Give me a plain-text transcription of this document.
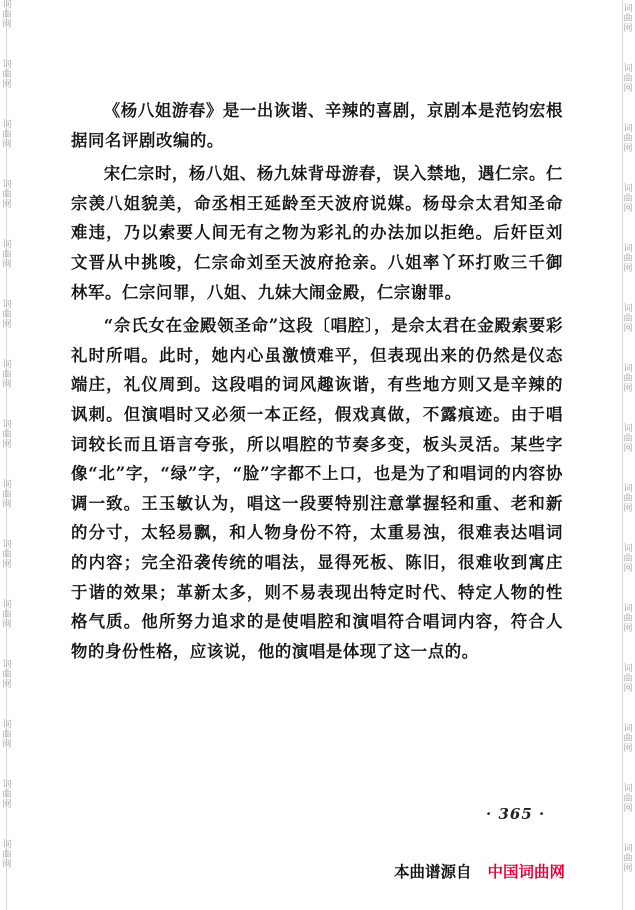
词
曲
网
词
曲
网
词
曲
网
词
曲
网
词
曲
网
词
曲
网
词
曲
网
词
曲
网
词
曲
网
词
曲
网
词
曲
网
词
曲
网
词
曲
网
词
曲
网
词
曲
网
词
曲
网
词
曲
网
词
曲
网
词
曲
网
词
曲
网
词
曲
网
词
曲
网
词
曲
网
词
曲
网
词
曲
网
词
曲
网
词
曲
网
词
曲
网
词
曲
网
词
曲
网

《杨八姐游春》是一出诙谐、辛辣的喜剧，京剧本是范钧宏根据同名评剧改编的。

宋仁宗时，杨八姐、杨九妹背母游春，误入禁地，遇仁宗。仁宗羡八姐貌美，命丞相王延龄至天波府说媒。杨母佘太君知圣命难违，乃以索要人间无有之物为彩礼的办法加以拒绝。后奸臣刘文晋从中挑唆，仁宗命刘至天波府抢亲。八姐率丫环打败三千御林军。仁宗问罪，八姐、九妹大闹金殿，仁宗谢罪。

“佘氏女在金殿领圣命”这段〔唱腔〕，是佘太君在金殿索要彩礼时所唱。此时，她内心虽激愤难平，但表现出来的仍然是仪态端庄，礼仪周到。这段唱的词风趣诙谐，有些地方则又是辛辣的讽刺。但演唱时又必须一本正经，假戏真做，不露痕迹。由于唱词较长而且语言夸张，所以唱腔的节奏多变，板头灵活。某些字像“北”字，“绿”字，“脸”字都不上口，也是为了和唱词的内容协调一致。王玉敏认为，唱这一段要特别注意掌握轻和重、老和新的分寸，太轻易飘，和人物身份不符，太重易浊，很难表达唱词的内容；完全沿袭传统的唱法，显得死板、陈旧，很难收到寓庄于谐的效果；革新太多，则不易表现出特定时代、特定人物的性格气质。他所努力追求的是使唱腔和演唱符合唱词内容，符合人物的身份性格，应该说，他的演唱是体现了这一点的。

· 365 ·
本曲谱源自 中国词曲网
